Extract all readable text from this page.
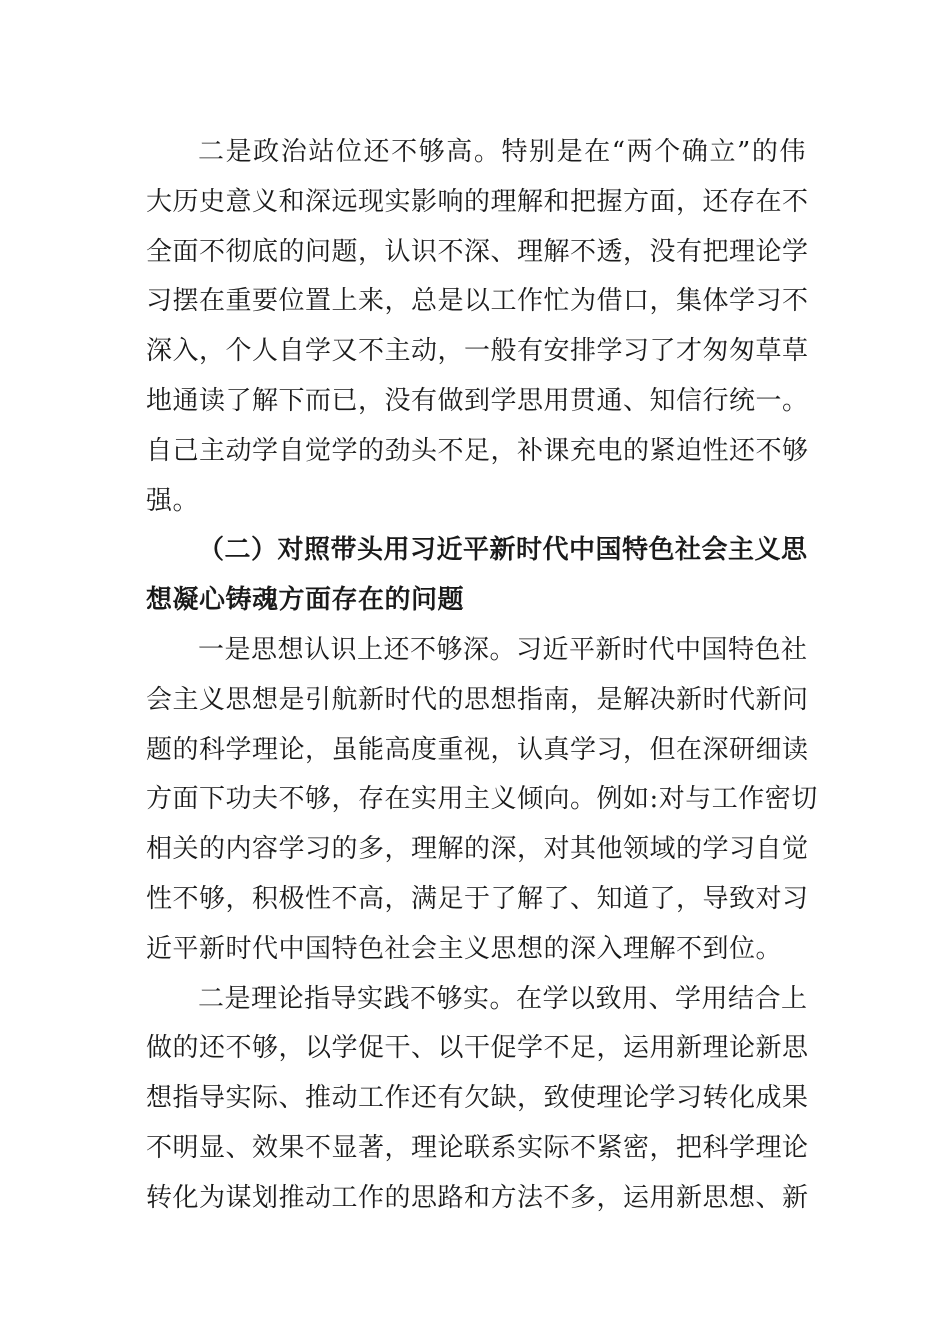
二是政治站位还不够高。特别是在“两个确立”的伟
大历史意义和深远现实影响的理解和把握方面，还存在不
全面不彻底的问题，认识不深、理解不透，没有把理论学
习摆在重要位置上来，总是以工作忙为借口，集体学习不
深入，个人自学又不主动，一般有安排学习了才匆匆草草
地通读了解下而已，没有做到学思用贯通、知信行统一。
自己主动学自觉学的劲头不足，补课充电的紧迫性还不够
强。
（二）对照带头用习近平新时代中国特色社会主义思
想凝心铸魂方面存在的问题
一是思想认识上还不够深。习近平新时代中国特色社
会主义思想是引航新时代的思想指南，是解决新时代新问
题的科学理论，虽能高度重视，认真学习，但在深研细读
方面下功夫不够，存在实用主义倾向。例如:对与工作密切
相关的内容学习的多，理解的深，对其他领域的学习自觉
性不够，积极性不高，满足于了解了、知道了，导致对习
近平新时代中国特色社会主义思想的深入理解不到位。
二是理论指导实践不够实。在学以致用、学用结合上
做的还不够，以学促干、以干促学不足，运用新理论新思
想指导实际、推动工作还有欠缺，致使理论学习转化成果
不明显、效果不显著，理论联系实际不紧密，把科学理论
转化为谋划推动工作的思路和方法不多，运用新思想、新
